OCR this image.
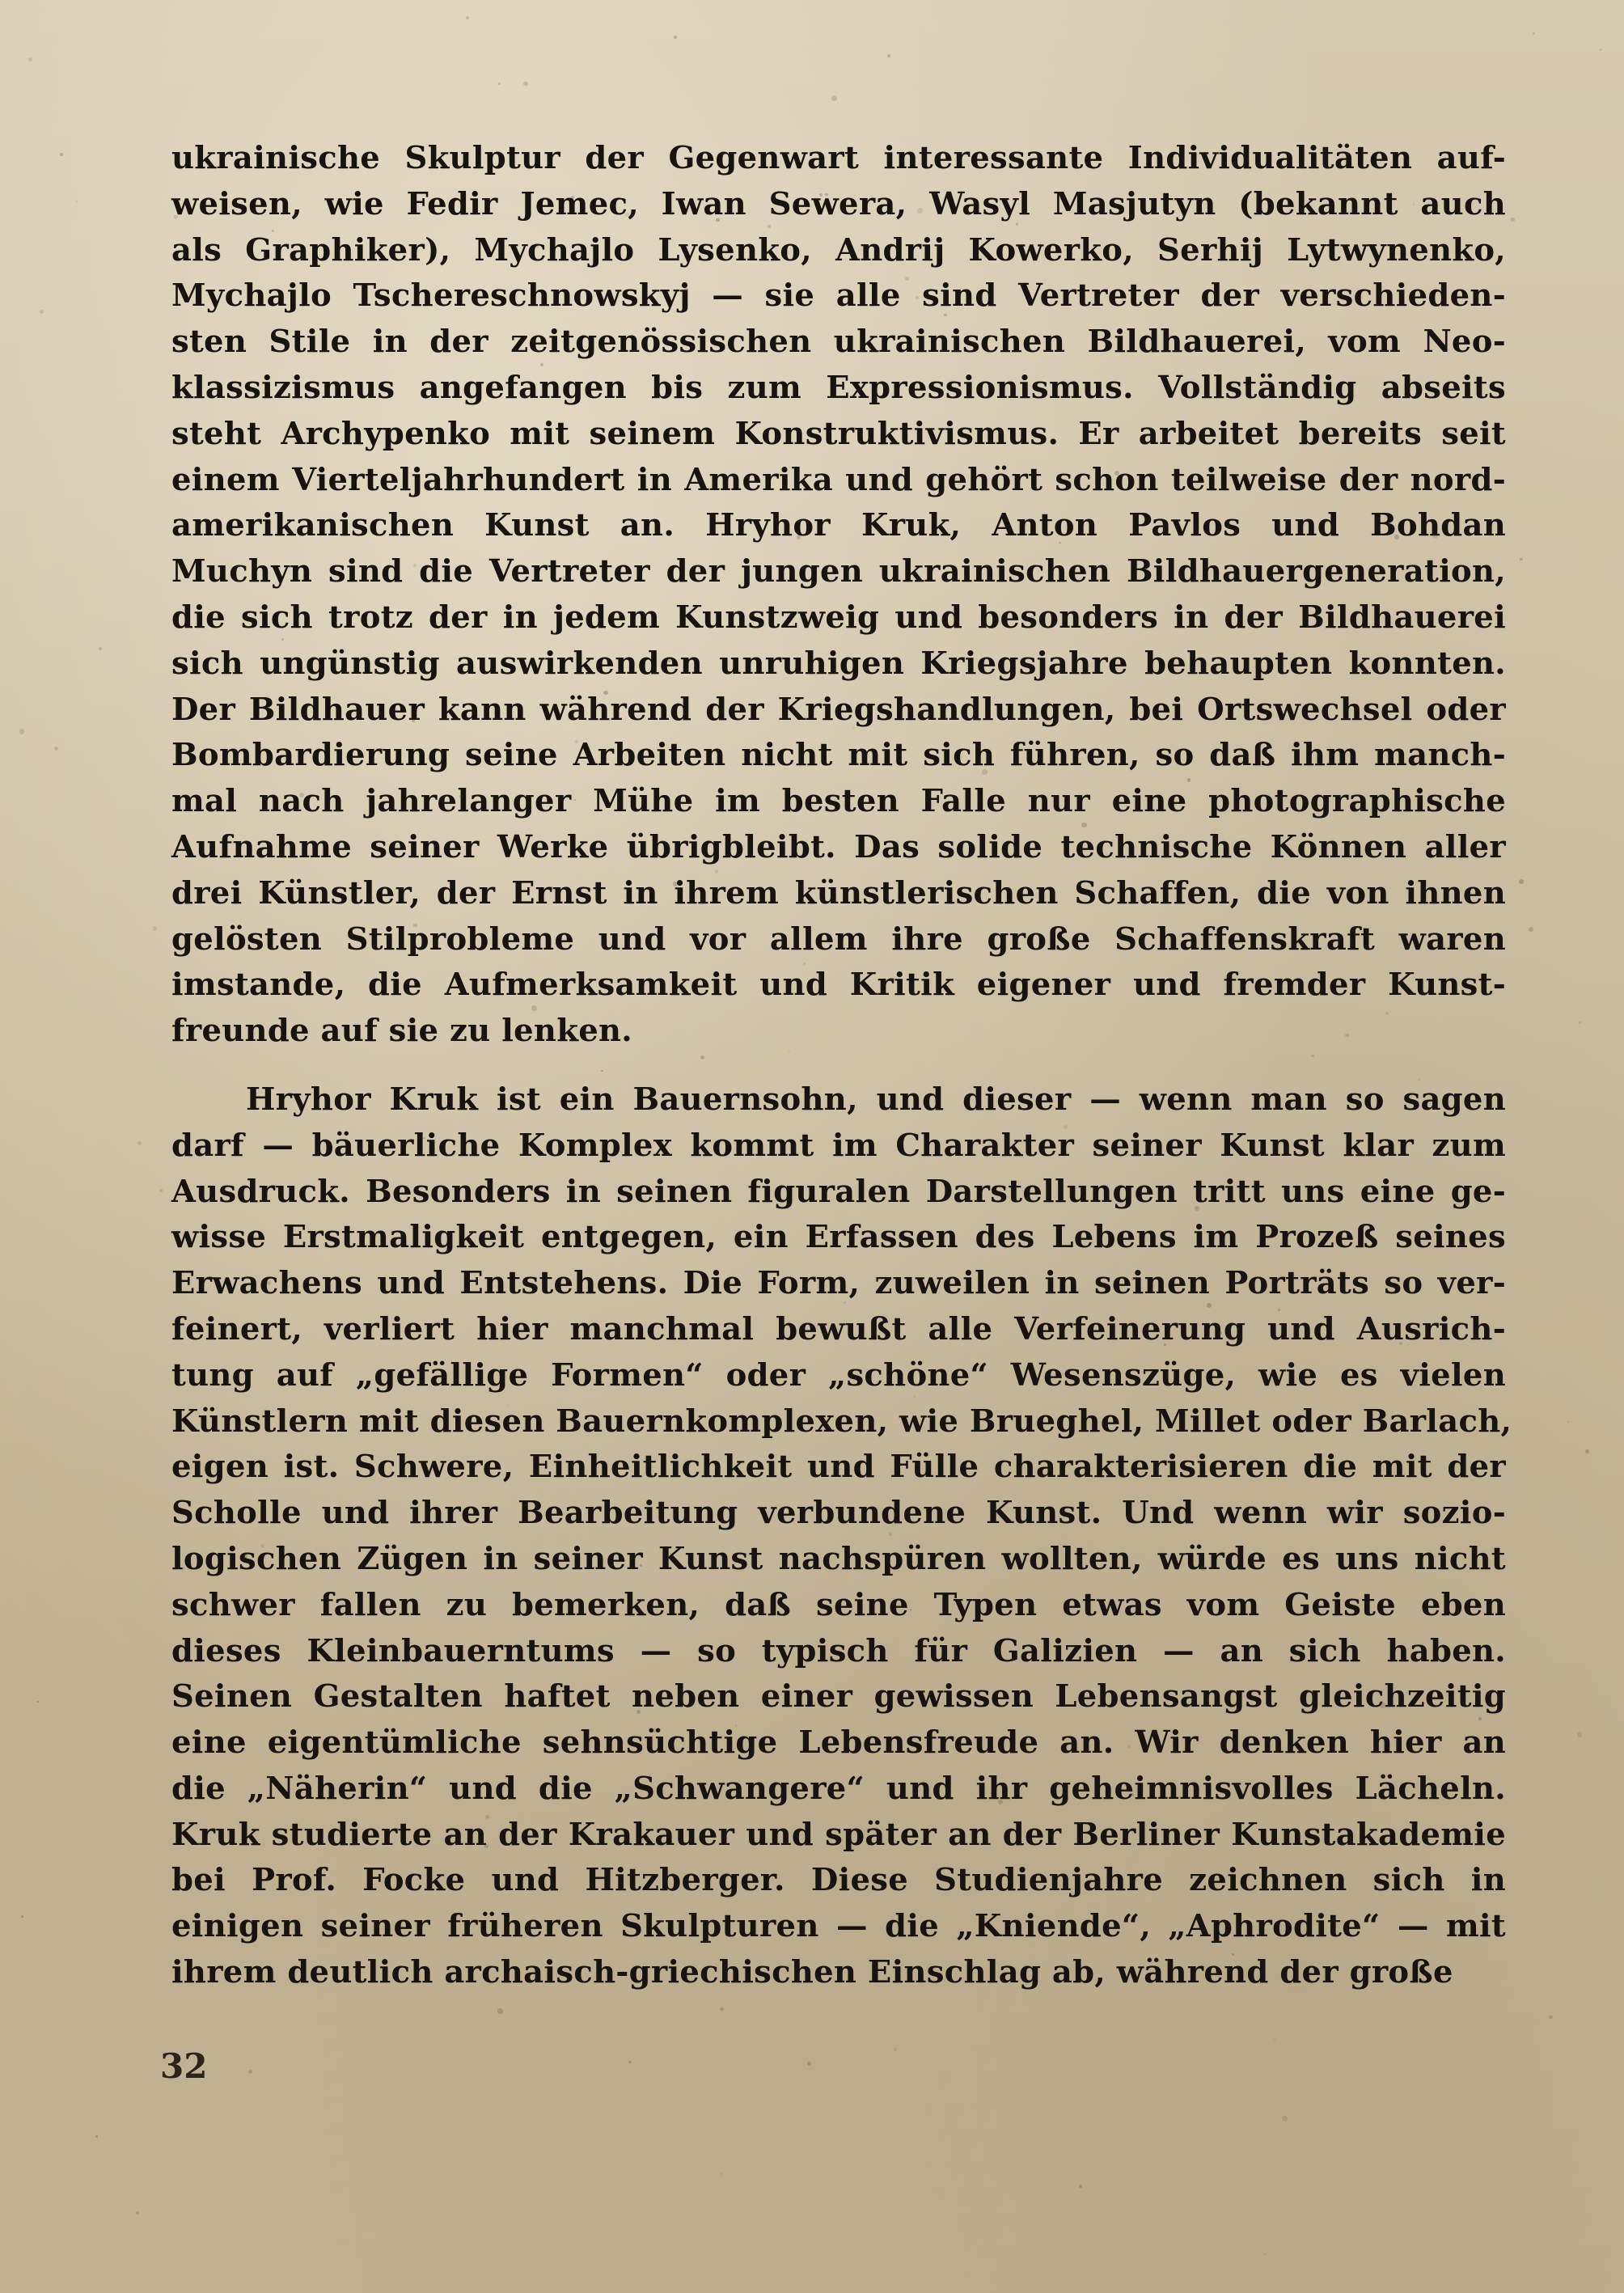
ukrainische Skulptur der Gegenwart interessante Individualitäten auf-
weisen, wie Fedir Jemec, Iwan Sewera, Wasyl Masjutyn (bekannt auch
als Graphiker), Mychajlo Lysenko, Andrij Kowerko, Serhij Lytwynenko,
Mychajlo Tschereschnowskyj — sie alle sind Vertreter der verschieden-
sten Stile in der zeitgenössischen ukrainischen Bildhauerei, vom Neo-
klassizismus angefangen bis zum Expressionismus. Vollständig abseits
steht Archypenko mit seinem Konstruktivismus. Er arbeitet bereits seit
einem Vierteljahrhundert in Amerika und gehört schon teilweise der nord-
amerikanischen Kunst an. Hryhor Kruk, Anton Pavlos und Bohdan
Muchyn sind die Vertreter der jungen ukrainischen Bildhauergeneration,
die sich trotz der in jedem Kunstzweig und besonders in der Bildhauerei
sich ungünstig auswirkenden unruhigen Kriegsjahre behaupten konnten.
Der Bildhauer kann während der Kriegshandlungen, bei Ortswechsel oder
Bombardierung seine Arbeiten nicht mit sich führen, so daß ihm manch-
mal nach jahrelanger Mühe im besten Falle nur eine photographische
Aufnahme seiner Werke übrigbleibt. Das solide technische Können aller
drei Künstler, der Ernst in ihrem künstlerischen Schaffen, die von ihnen
gelösten Stilprobleme und vor allem ihre große Schaffenskraft waren
imstande, die Aufmerksamkeit und Kritik eigener und fremder Kunst-
freunde auf sie zu lenken.
Hryhor Kruk ist ein Bauernsohn, und dieser — wenn man so sagen
darf — bäuerliche Komplex kommt im Charakter seiner Kunst klar zum
Ausdruck. Besonders in seinen figuralen Darstellungen tritt uns eine ge-
wisse Erstmaligkeit entgegen, ein Erfassen des Lebens im Prozeß seines
Erwachens und Entstehens. Die Form, zuweilen in seinen Porträts so ver-
feinert, verliert hier manchmal bewußt alle Verfeinerung und Ausrich-
tung auf „gefällige Formen“ oder „schöne“ Wesenszüge, wie es vielen
Künstlern mit diesen Bauernkomplexen, wie Brueghel, Millet oder Barlach,
eigen ist. Schwere, Einheitlichkeit und Fülle charakterisieren die mit der
Scholle und ihrer Bearbeitung verbundene Kunst. Und wenn wir sozio-
logischen Zügen in seiner Kunst nachspüren wollten, würde es uns nicht
schwer fallen zu bemerken, daß seine Typen etwas vom Geiste eben
dieses Kleinbauerntums — so typisch für Galizien — an sich haben.
Seinen Gestalten haftet neben einer gewissen Lebensangst gleichzeitig
eine eigentümliche sehnsüchtige Lebensfreude an. Wir denken hier an
die „Näherin“ und die „Schwangere“ und ihr geheimnisvolles Lächeln.
Kruk studierte an der Krakauer und später an der Berliner Kunstakademie
bei Prof. Focke und Hitzberger. Diese Studienjahre zeichnen sich in
einigen seiner früheren Skulpturen — die „Kniende“, „Aphrodite“ — mit
ihrem deutlich archaisch-griechischen Einschlag ab, während der große
32
